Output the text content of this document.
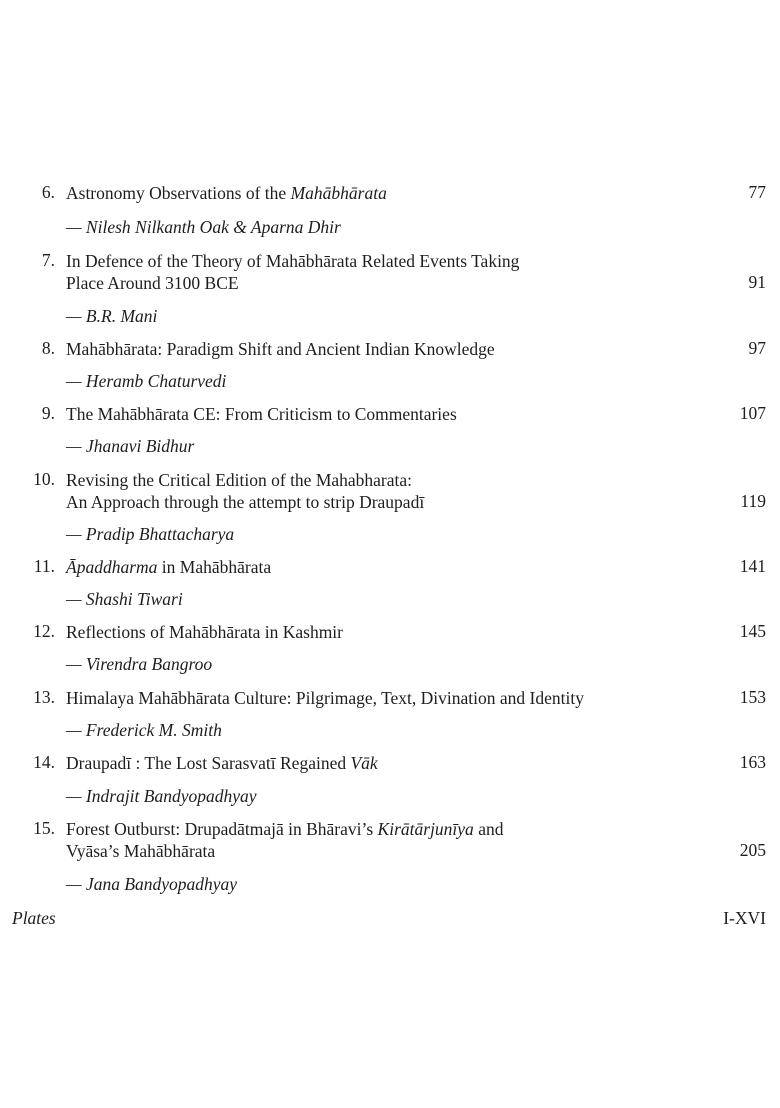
6. Astronomy Observations of the Mahābhārata	77
— Nilesh Nilkanth Oak & Aparna Dhir
7. In Defence of the Theory of Mahābhārata Related Events Taking
Place Around 3100 BCE	91
— B.R. Mani
8. Mahābhārata: Paradigm Shift and Ancient Indian Knowledge	97
— Heramb Chaturvedi
9. The Mahābhārata CE: From Criticism to Commentaries	107
— Jhanavi Bidhur
10. Revising the Critical Edition of the Mahabharata:
An Approach through the attempt to strip Draupadī	119
— Pradip Bhattacharya
11. Āpaddharma in Mahābhārata	141
— Shashi Tiwari
12. Reflections of Mahābhārata in Kashmir	145
— Virendra Bangroo
13. Himalaya Mahābhārata Culture: Pilgrimage, Text, Divination and Identity	153
— Frederick M. Smith
14. Draupadī : The Lost Sarasvatī Regained Vāk	163
— Indrajit Bandyopadhyay
15. Forest Outburst: Drupadātmajā in Bhāravi’s Kirātārjunīya and
Vyāsa’s Mahābhārata	205
— Jana Bandyopadhyay
Plates	I-XVI
